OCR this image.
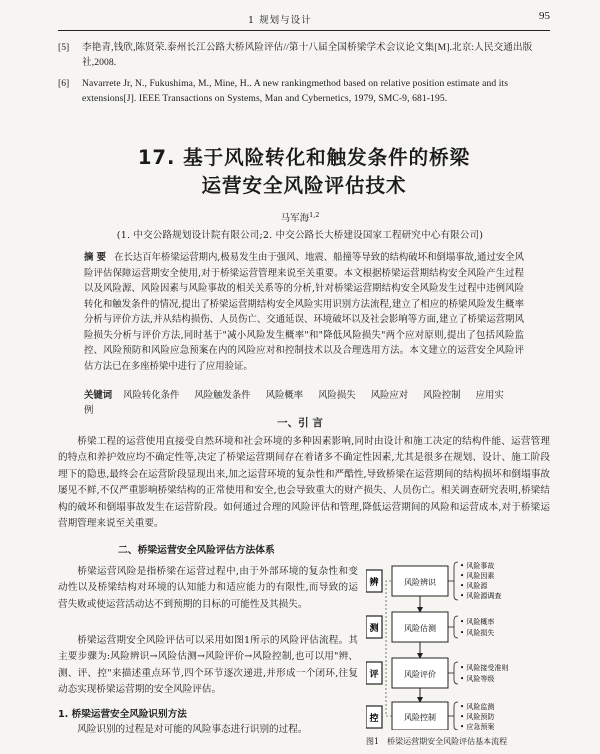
1 规划与设计	95
[5]	李艳青,钱欣,陈贤荣.泰州长江公路大桥风险评估//第十八届全国桥梁学术会议论文集[M].北京:人民交通出版社,2008.
[6]	Navarrete Jr, N., Fukushima, M., Mine, H.. A new rankingmethod based on relative position estimate and its extensions[J]. IEEE Transactions on Systems, Man and Cybernetics, 1979, SMC-9, 681-195.
17. 基于风险转化和触发条件的桥梁
运营安全风险评估技术
马军海$^{1,2}$
(1. 中交公路规划设计院有限公司;2. 中交公路长大桥建设国家工程研究中心有限公司)
摘 要 在长达百年桥梁运营期内,极易发生由于强风、地震、船撞等导致的结构破坏和倒塌事故,通过安全风险评估保障运营期安全使用,对于桥梁运营管理来说至关重要。本文根据桥梁运营期结构安全风险产生过程以及风险源、风险因素与风险事故的相关关系等的分析,针对桥梁运营期结构安全风险发生过程中违例风险转化和触发条件的情况,提出了桥梁运营期结构安全风险实用识别方法流程,建立了相应的桥梁风险发生概率分析与评价方法,并从结构损伤、人员伤亡、交通延误、环境破坏以及社会影响等方面,建立了桥梁运营期风险损失分析与评价方法,同时基于"减小风险发生概率"和"降低风险损失"两个应对原则,提出了包括风险监控、风险预防和风险应急预案在内的风险应对和控制技术以及合理选用方法。本文建立的运营安全风险评估方法已在多座桥梁中进行了应用验证。
关键词 风险转化条件 风险触发条件 风险概率 风险损失 风险应对 风险控制 应用实例
一、引 言

桥梁工程的运营使用直接受自然环境和社会环境的多种因素影响,同时由设计和施工决定的结构件能、运营管理的特点和养护效应均不确定性等,决定了桥梁运营期间存在着诸多不确定性因素,尤其是很多在规划、设计、施工阶段埋下的隐患,最终会在运营阶段显现出来,加之运营环境的复杂性和严酷性,导致桥梁在运营期间的结构损坏和倒塌事故屡见不鲜,不仅严重影响桥梁结构的正常使用和安全,也会导致重大的财产损失、人员伤亡。相关调查研究表明,桥梁结构的破坏和倒塌事故发生在运营阶段。如何通过合理的风险评估和管理,降低运营期间的风险和运营成本,对于桥梁运营期管理来说至关重要。

二、桥梁运营安全风险评估方法体系

桥梁运营风险是指桥梁在运营过程中,由于外部环境的复杂性和变动性以及桥梁结构对环境的认知能力和适应能力的有限性,而导致的运营失败或使运营活动达不到预期的目标的可能性及其损失。

桥梁运营期安全风险评估可以采用如图1所示的风险评估流程。其主要步骤为:风险辨识→风险估测→风险评价→风险控制,也可以用"辨、测、评、控"来描述重点环节,四个环节逐次递进,并形成一个闭环,往复动态实现桥梁运营期的安全风险评估。

1. 桥梁运营安全风险识别方法

风险识别的过程是对可能的风险事态进行识别的过程。

辨	风险辨识
• 风险事故
• 风险因素
• 风险源
• 风险源调查
测	风险估测
• 风险概率
• 风险损失
评	风险评价
• 风险接受准则
• 风险等级
控	风险控制
• 风险监测
• 风险预防
• 应急预案
图1 桥梁运营期安全风险评估基本流程
